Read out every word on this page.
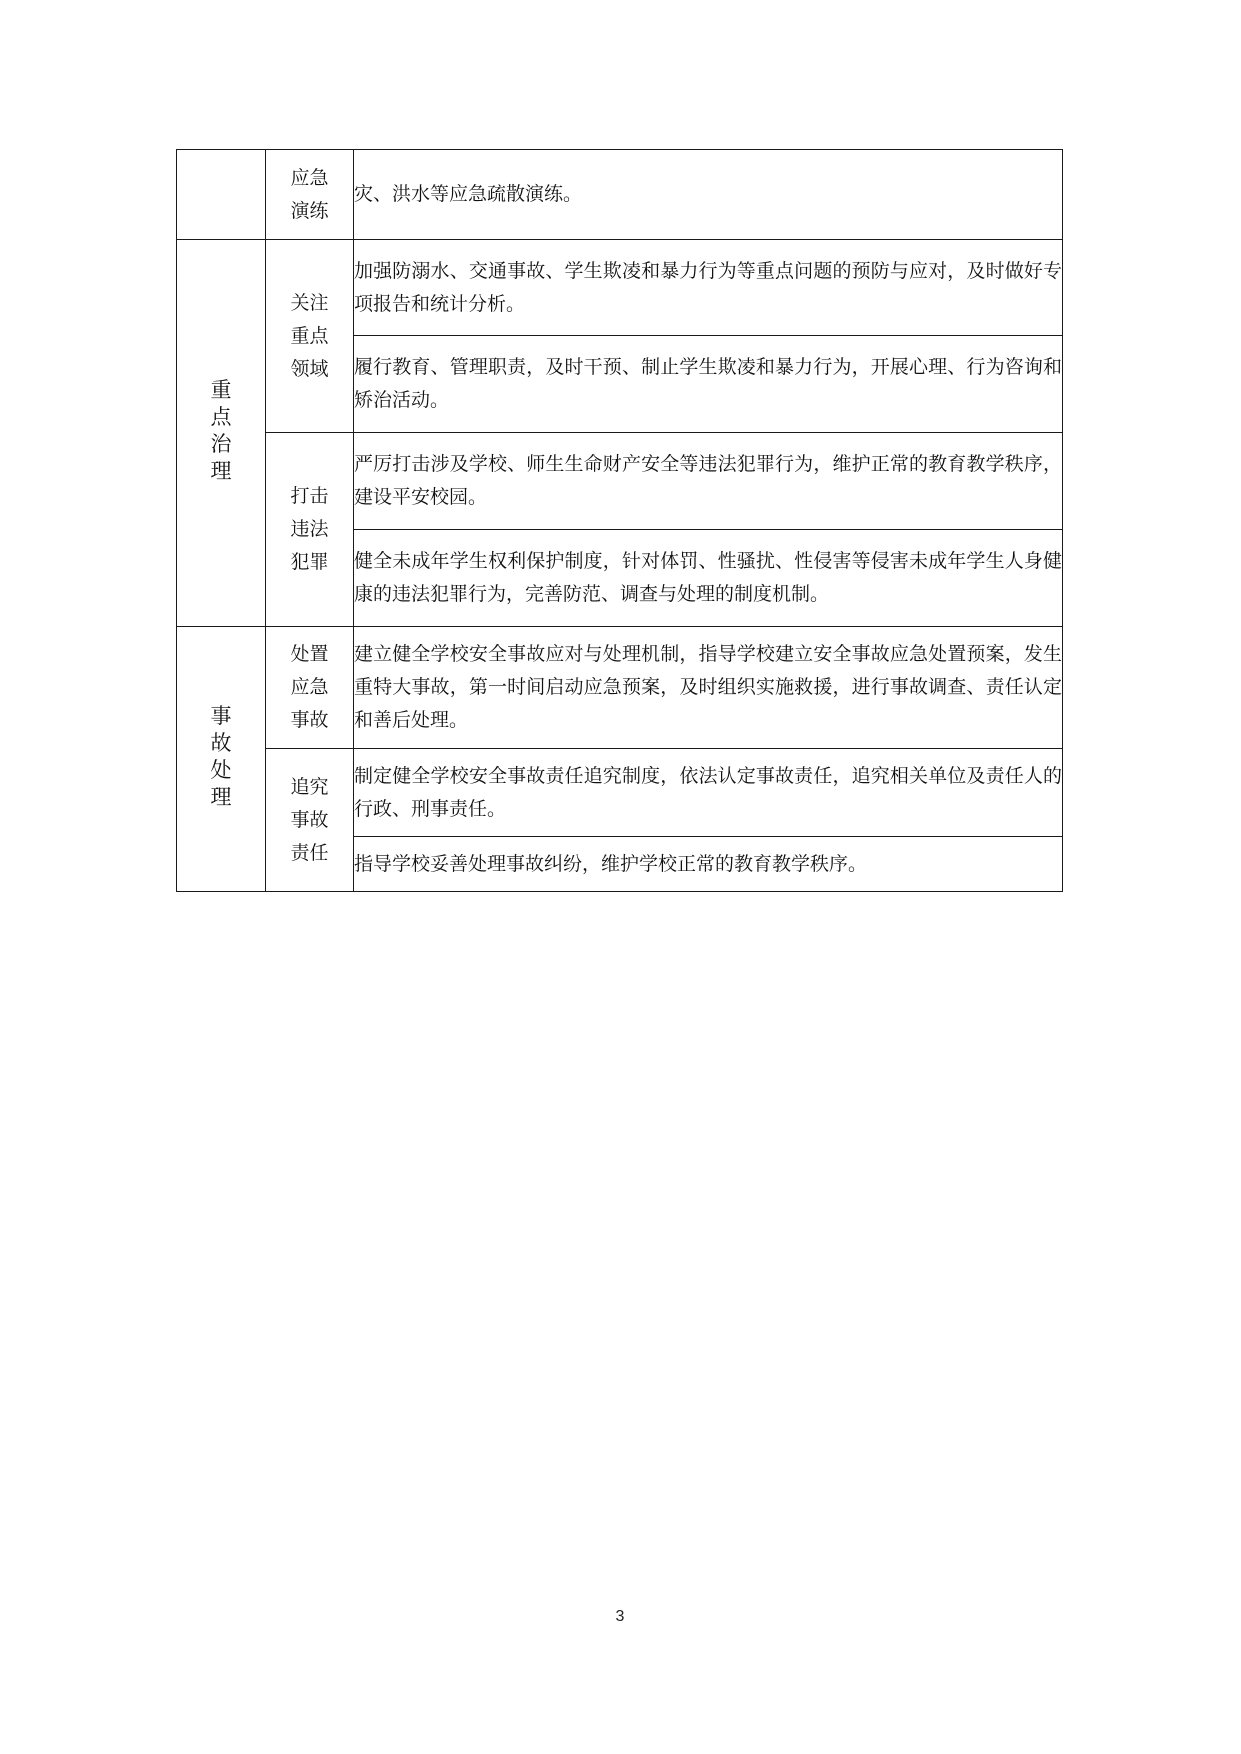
	应急演练	灾、洪水等应急疏散演练。
重点治理	关注重点领域	加强防溺水、交通事故、学生欺凌和暴力行为等重点问题的预防与应对，及时做好专项报告和统计分析。
		履行教育、管理职责，及时干预、制止学生欺凌和暴力行为，开展心理、行为咨询和矫治活动。
	打击违法犯罪	严厉打击涉及学校、师生生命财产安全等违法犯罪行为，维护正常的教育教学秩序，建设平安校园。
		健全未成年学生权利保护制度，针对体罚、性骚扰、性侵害等侵害未成年学生人身健康的违法犯罪行为，完善防范、调查与处理的制度机制。
事故处理	处置应急事故	建立健全学校安全事故应对与处理机制，指导学校建立安全事故应急处置预案，发生重特大事故，第一时间启动应急预案，及时组织实施救援，进行事故调查、责任认定和善后处理。
	追究事故责任	制定健全学校安全事故责任追究制度，依法认定事故责任，追究相关单位及责任人的行政、刑事责任。
		指导学校妥善处理事故纠纷，维护学校正常的教育教学秩序。
3
